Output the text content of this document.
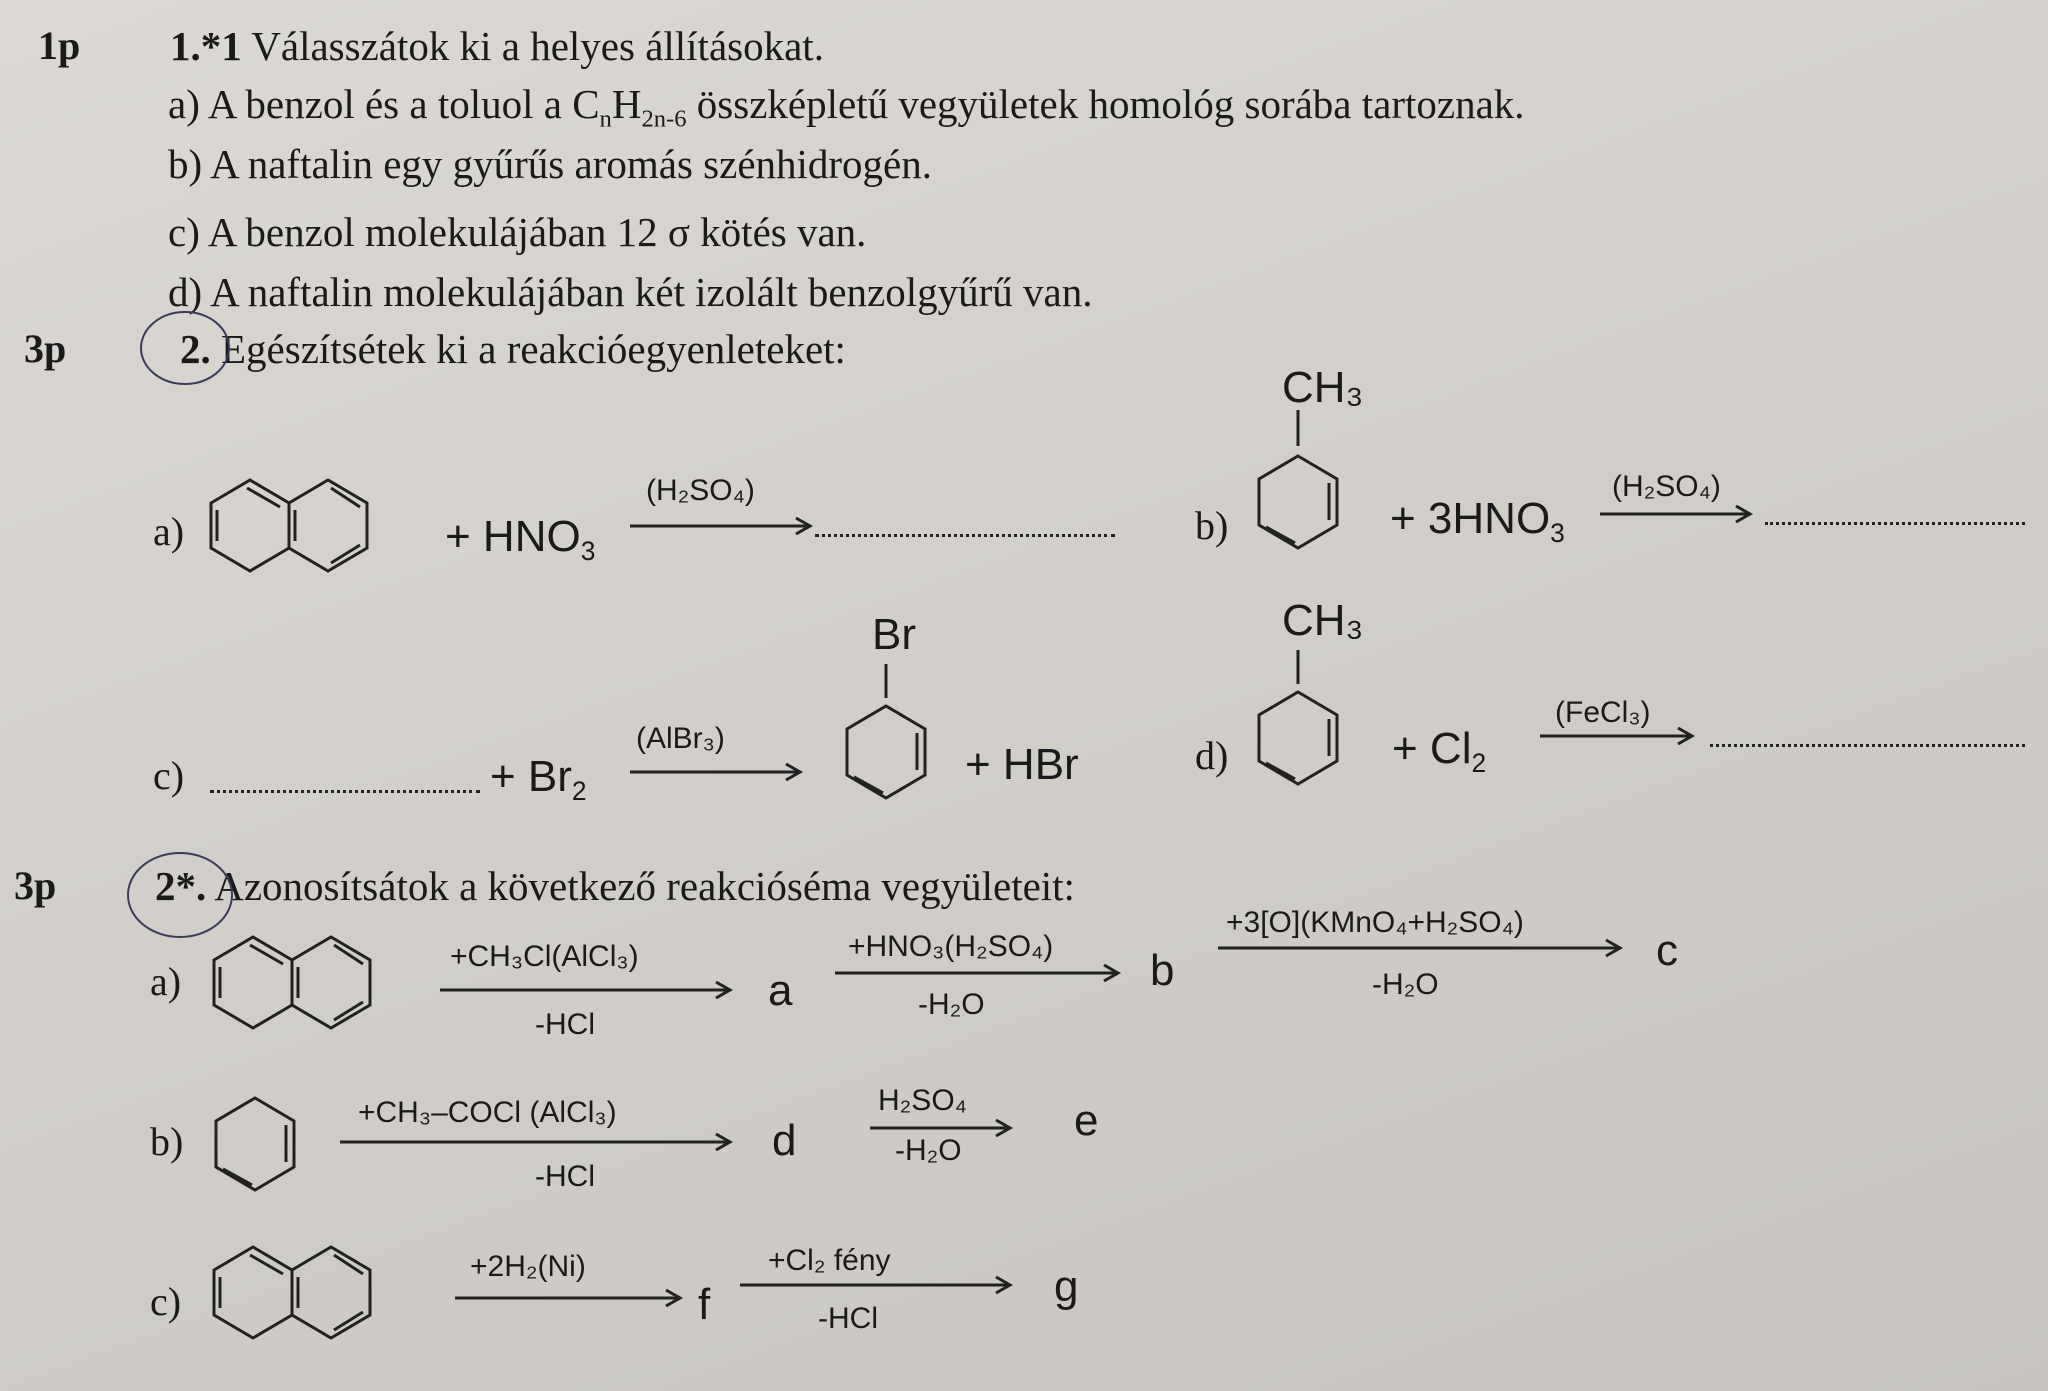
1p
3p
3p
1.*1 Válasszátok ki a helyes állításokat.
a) A benzol és a toluol a $C_nH_{2n-6}$ összképletű vegyületek homológ sorába tartoznak.
b) A naftalin egy gyűrűs aromás szénhidrogén.
c) A benzol molekulájában 12 σ kötés van.
d) A naftalin molekulájában két izolált benzolgyűrű van.
2. Egészítsétek ki a reakcióegyenleteket:
a)	+ $HNO_3$
(H₂SO₄)
b)
CH₃
+ $3HNO_3$
(H₂SO₄)
c)	+ $Br_2$
(AlBr₃)
Br
+ HBr	d)
CH₃
+ $Cl_2$
(FeCl₃)
2*. Azonosítsátok a következő reakcióséma vegyületeit:
a)
+CH₃Cl(AlCl₃)
-HCl
a
+HNO₃(H₂SO₄)
-H₂O
b
+3[O](KMnO₄+H₂SO₄)
-H₂O
c
b)
+CH₃–COCl (AlCl₃)
-HCl
d
H₂SO₄
-H₂O
e
c)
+2H₂(Ni)
f
+Cl₂ fény
-HCl
g
